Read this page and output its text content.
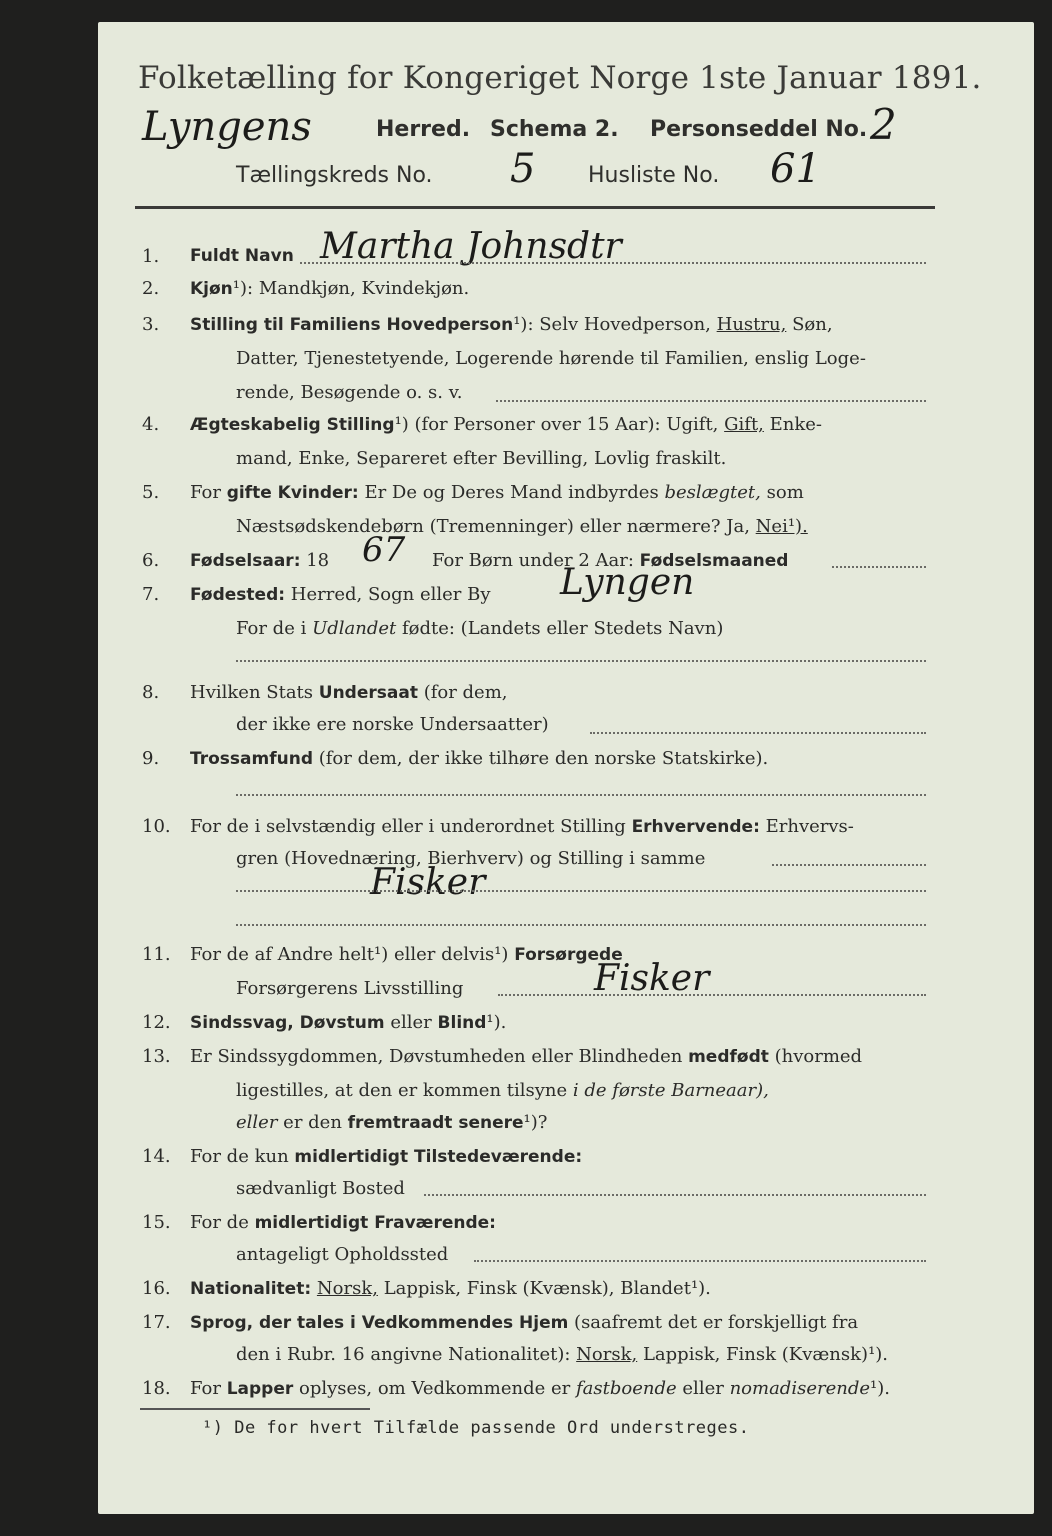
Folketælling for Kongeriget Norge 1ste Januar 1891.
Lyngens	Herred. Schema 2. Personseddel No. 2
Tællingskreds No. 5 Husliste No. 61
1.	Fuldt Navn Martha Johnsdtr
2.	Kjøn¹): Mandkjøn, Kvindekjøn.
3.	Stilling til Familiens Hovedperson¹): Selv Hovedperson, Hustru, Søn,
Datter, Tjenestetyende, Logerende hørende til Familien, enslig Loge-
rende, Besøgende o. s. v.
4.	Ægteskabelig Stilling¹) (for Personer over 15 Aar): Ugift, Gift, Enke-
mand, Enke, Separeret efter Bevilling, Lovlig fraskilt.
5.	For gifte Kvinder: Er De og Deres Mand indbyrdes beslægtet, som
Næstsødskendebørn (Tremenninger) eller nærmere? Ja, Nei¹).
6.	Fødselsaar: 18 67 For Børn under 2 Aar: Fødselsmaaned
7.	Fødested: Herred, Sogn eller By Lyngen
For de i Udlandet fødte: (Landets eller Stedets Navn)
8.	Hvilken Stats Undersaat (for dem,
der ikke ere norske Undersaatter)
9.	Trossamfund (for dem, der ikke tilhøre den norske Statskirke).
10.	For de i selvstændig eller i underordnet Stilling Erhvervende: Erhvervs-
gren (Hovednæring, Bierhverv) og Stilling i samme
Fisker
11.	For de af Andre helt¹) eller delvis¹) Forsørgede
Forsørgerens Livsstilling	Fisker
12.	Sindssvag, Døvstum eller Blind¹).
13.	Er Sindssygdommen, Døvstumheden eller Blindheden medfødt (hvormed
ligestilles, at den er kommen tilsyne i de første Barneaar),
eller er den fremtraadt senere¹)?
14.	For de kun midlertidigt Tilstedeværende:
sædvanligt Bosted
15.	For de midlertidigt Fraværende:
antageligt Opholdssted
16.	Nationalitet: Norsk, Lappisk, Finsk (Kvænsk), Blandet¹).
17.	Sprog, der tales i Vedkommendes Hjem (saafremt det er forskjelligt fra
den i Rubr. 16 angivne Nationalitet): Norsk, Lappisk, Finsk (Kvænsk)¹).
18.	For Lapper oplyses, om Vedkommende er fastboende eller nomadiserende¹).
¹) De for hvert Tilfælde passende Ord understreges.
